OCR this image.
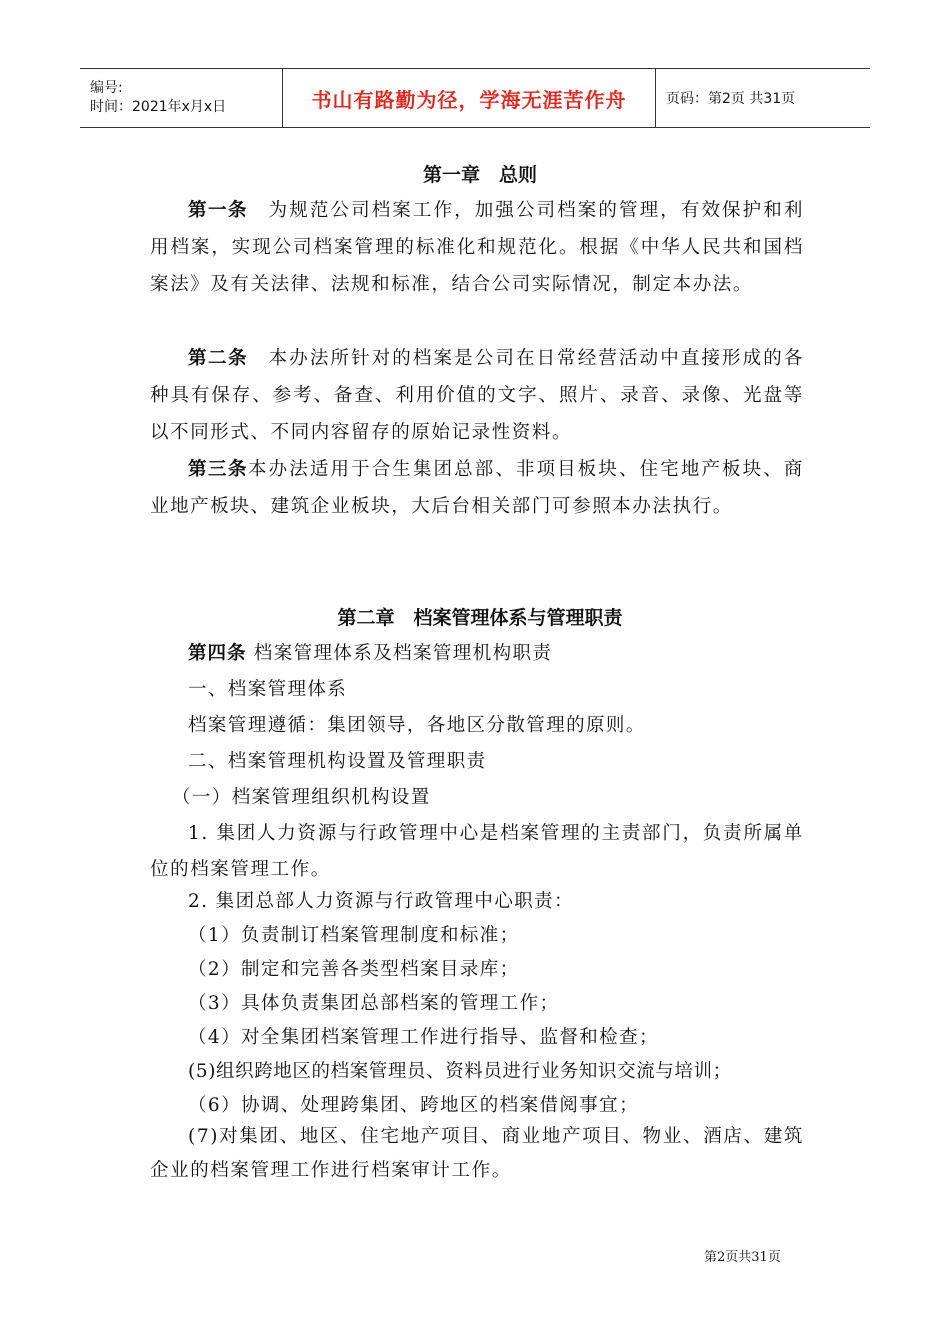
编号:
时间：2021年x月x日	书山有路勤为径，学海无涯苦作舟	页码：第2页 共31页
第一章　总则
第一条　为规范公司档案工作，加强公司档案的管理，有效保护和利用档案，实现公司档案管理的标准化和规范化。根据《中华人民共和国档案法》及有关法律、法规和标准，结合公司实际情况，制定本办法。
第二条　本办法所针对的档案是公司在日常经营活动中直接形成的各种具有保存、参考、备查、利用价值的文字、照片、录音、录像、光盘等以不同形式、不同内容留存的原始记录性资料。
第三条本办法适用于合生集团总部、非项目板块、住宅地产板块、商业地产板块、建筑企业板块，大后台相关部门可参照本办法执行。
第二章　档案管理体系与管理职责
第四条 档案管理体系及档案管理机构职责
一、档案管理体系
档案管理遵循：集团领导，各地区分散管理的原则。
二、档案管理机构设置及管理职责
（一）档案管理组织机构设置
1. 集团人力资源与行政管理中心是档案管理的主责部门，负责所属单位的档案管理工作。
2. 集团总部人力资源与行政管理中心职责：
（1）负责制订档案管理制度和标准；
（2）制定和完善各类型档案目录库；
（3）具体负责集团总部档案的管理工作；
（4）对全集团档案管理工作进行指导、监督和检查；
(5)组织跨地区的档案管理员、资料员进行业务知识交流与培训；
（6）协调、处理跨集团、跨地区的档案借阅事宜；
(7)对集团、地区、住宅地产项目、商业地产项目、物业、酒店、建筑企业的档案管理工作进行档案审计工作。
第2页共31页
